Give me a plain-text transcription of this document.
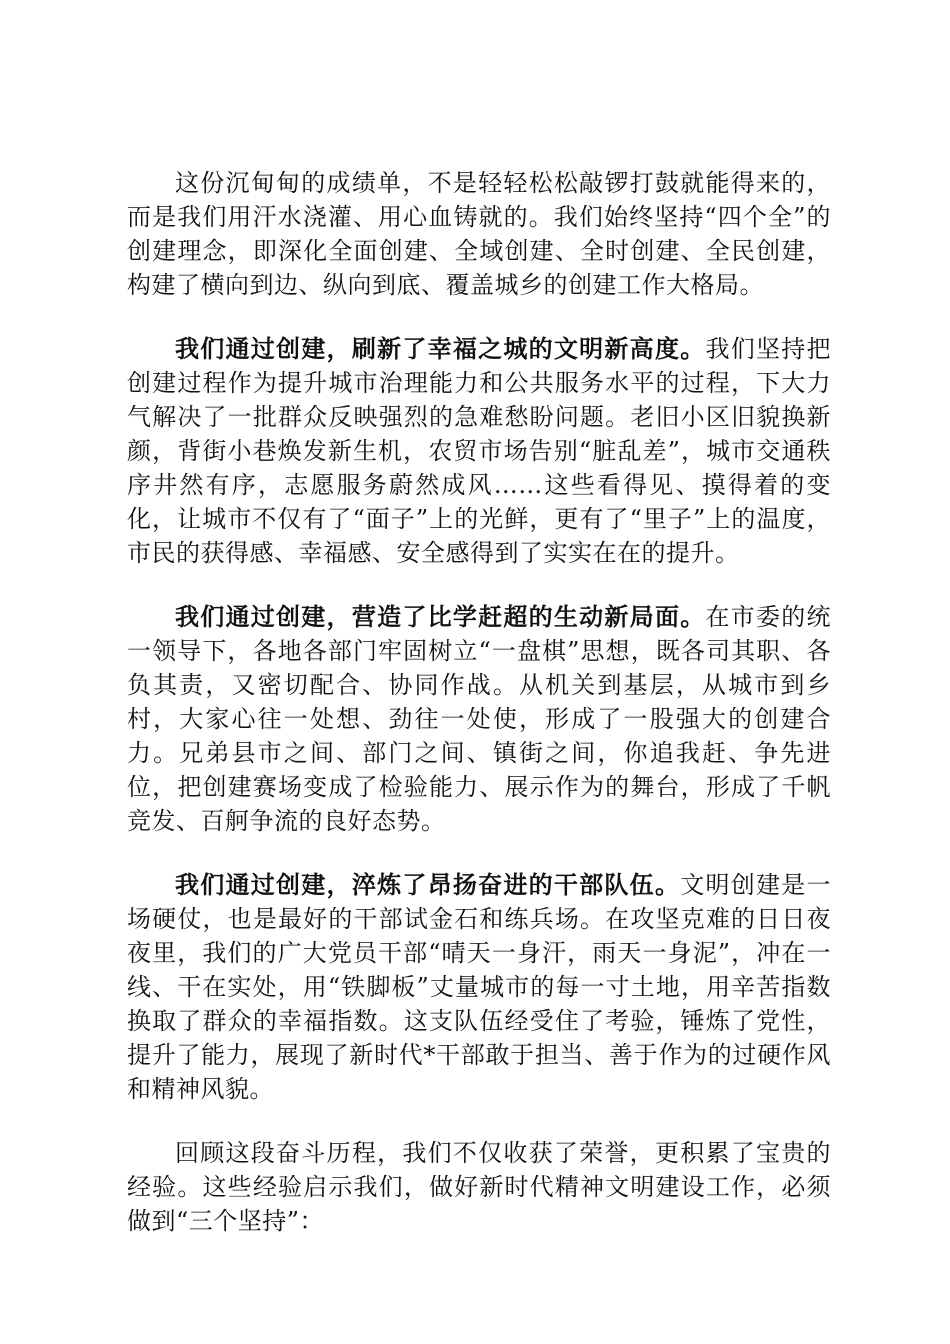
这份沉甸甸的成绩单，不是轻轻松松敲锣打鼓就能得来的，而是我们用汗水浇灌、用心血铸就的。我们始终坚持“四个全”的创建理念，即深化全面创建、全域创建、全时创建、全民创建，构建了横向到边、纵向到底、覆盖城乡的创建工作大格局。

我们通过创建，刷新了幸福之城的文明新高度。我们坚持把创建过程作为提升城市治理能力和公共服务水平的过程，下大力气解决了一批群众反映强烈的急难愁盼问题。老旧小区旧貌换新颜，背街小巷焕发新生机，农贸市场告别“脏乱差”，城市交通秩序井然有序，志愿服务蔚然成风……这些看得见、摸得着的变化，让城市不仅有了“面子”上的光鲜，更有了“里子”上的温度，市民的获得感、幸福感、安全感得到了实实在在的提升。

我们通过创建，营造了比学赶超的生动新局面。在市委的统一领导下，各地各部门牢固树立“一盘棋”思想，既各司其职、各负其责，又密切配合、协同作战。从机关到基层，从城市到乡村，大家心往一处想、劲往一处使，形成了一股强大的创建合力。兄弟县市之间、部门之间、镇街之间，你追我赶、争先进位，把创建赛场变成了检验能力、展示作为的舞台，形成了千帆竞发、百舸争流的良好态势。

我们通过创建，淬炼了昂扬奋进的干部队伍。文明创建是一场硬仗，也是最好的干部试金石和练兵场。在攻坚克难的日日夜夜里，我们的广大党员干部“晴天一身汗，雨天一身泥”，冲在一线、干在实处，用“铁脚板”丈量城市的每一寸土地，用辛苦指数换取了群众的幸福指数。这支队伍经受住了考验，锤炼了党性，提升了能力，展现了新时代*干部敢于担当、善于作为的过硬作风和精神风貌。

回顾这段奋斗历程，我们不仅收获了荣誉，更积累了宝贵的经验。这些经验启示我们，做好新时代精神文明建设工作，必须做到“三个坚持”：
